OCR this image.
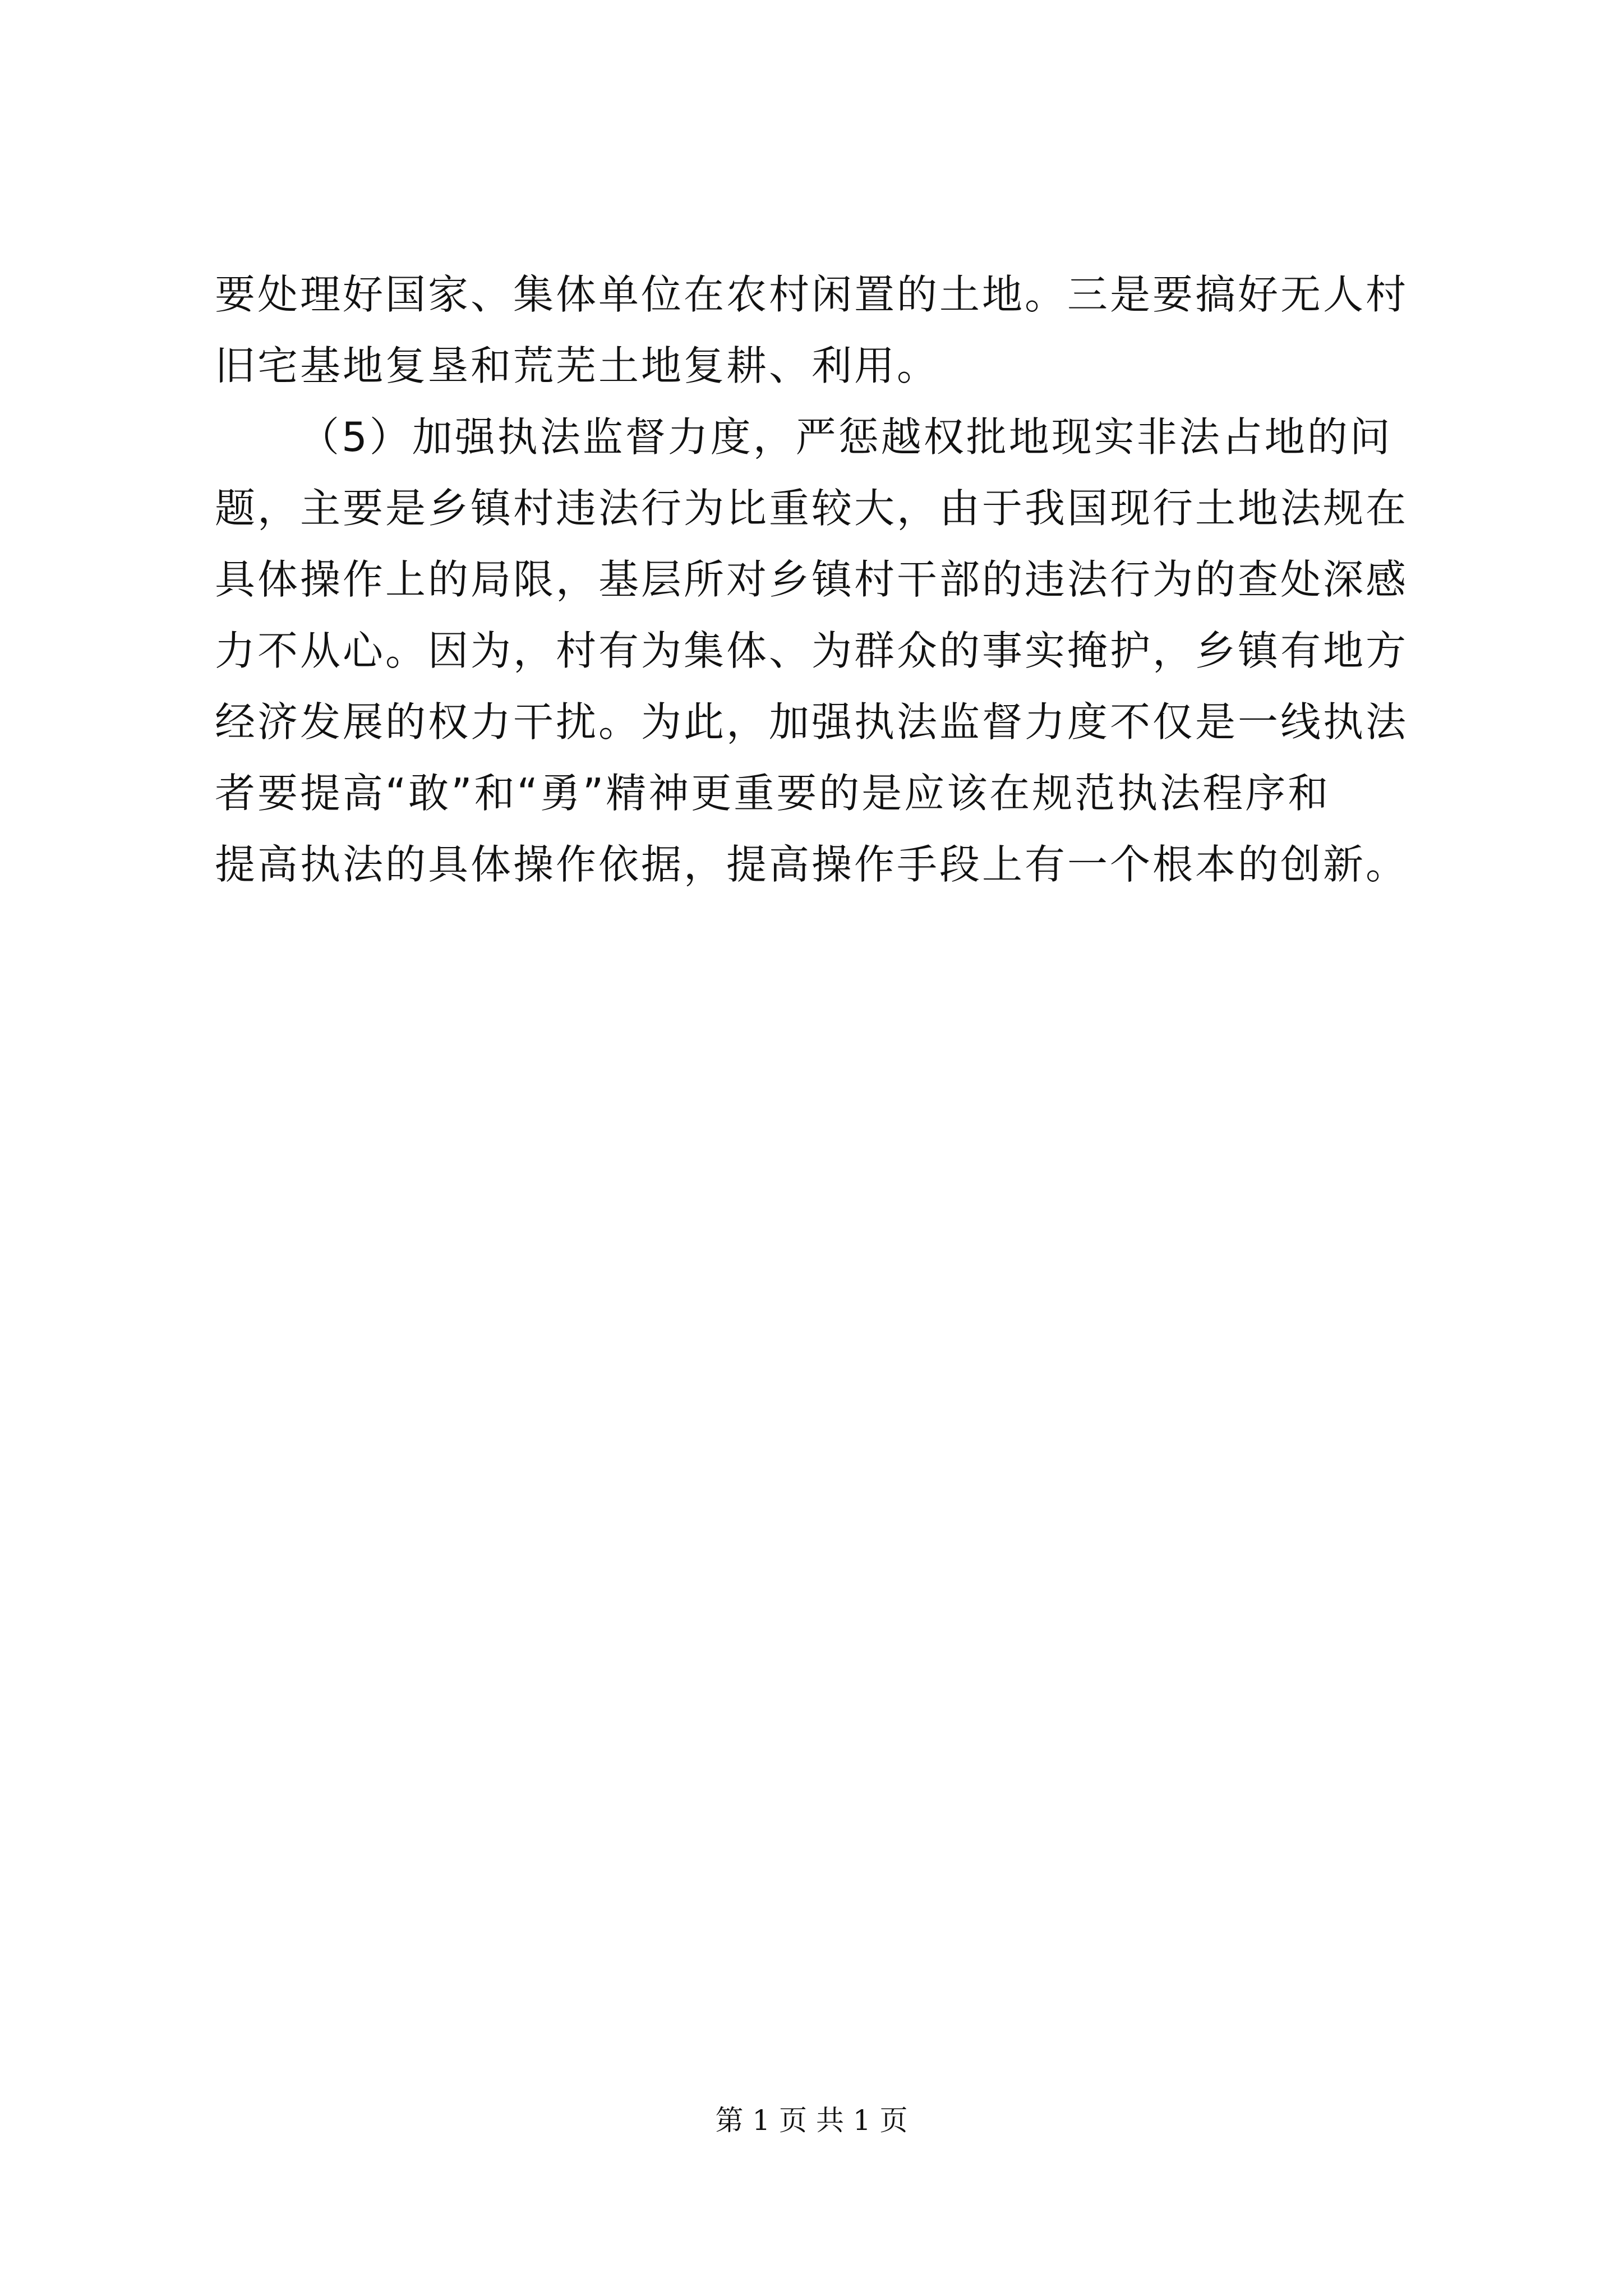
要处理好国家、集体单位在农村闲置的土地。三是要搞好无人村
旧宅基地复垦和荒芜土地复耕、利用。
（5）加强执法监督力度，严惩越权批地现实非法占地的问
题，主要是乡镇村违法行为比重较大，由于我国现行土地法规在
具体操作上的局限，基层所对乡镇村干部的违法行为的查处深感
力不从心。因为，村有为集体、为群众的事实掩护，乡镇有地方
经济发展的权力干扰。为此，加强执法监督力度不仅是一线执法
者要提高“敢”和“勇”精神更重要的是应该在规范执法程序和
提高执法的具体操作依据，提高操作手段上有一个根本的创新。
第 1 页 共 1 页
